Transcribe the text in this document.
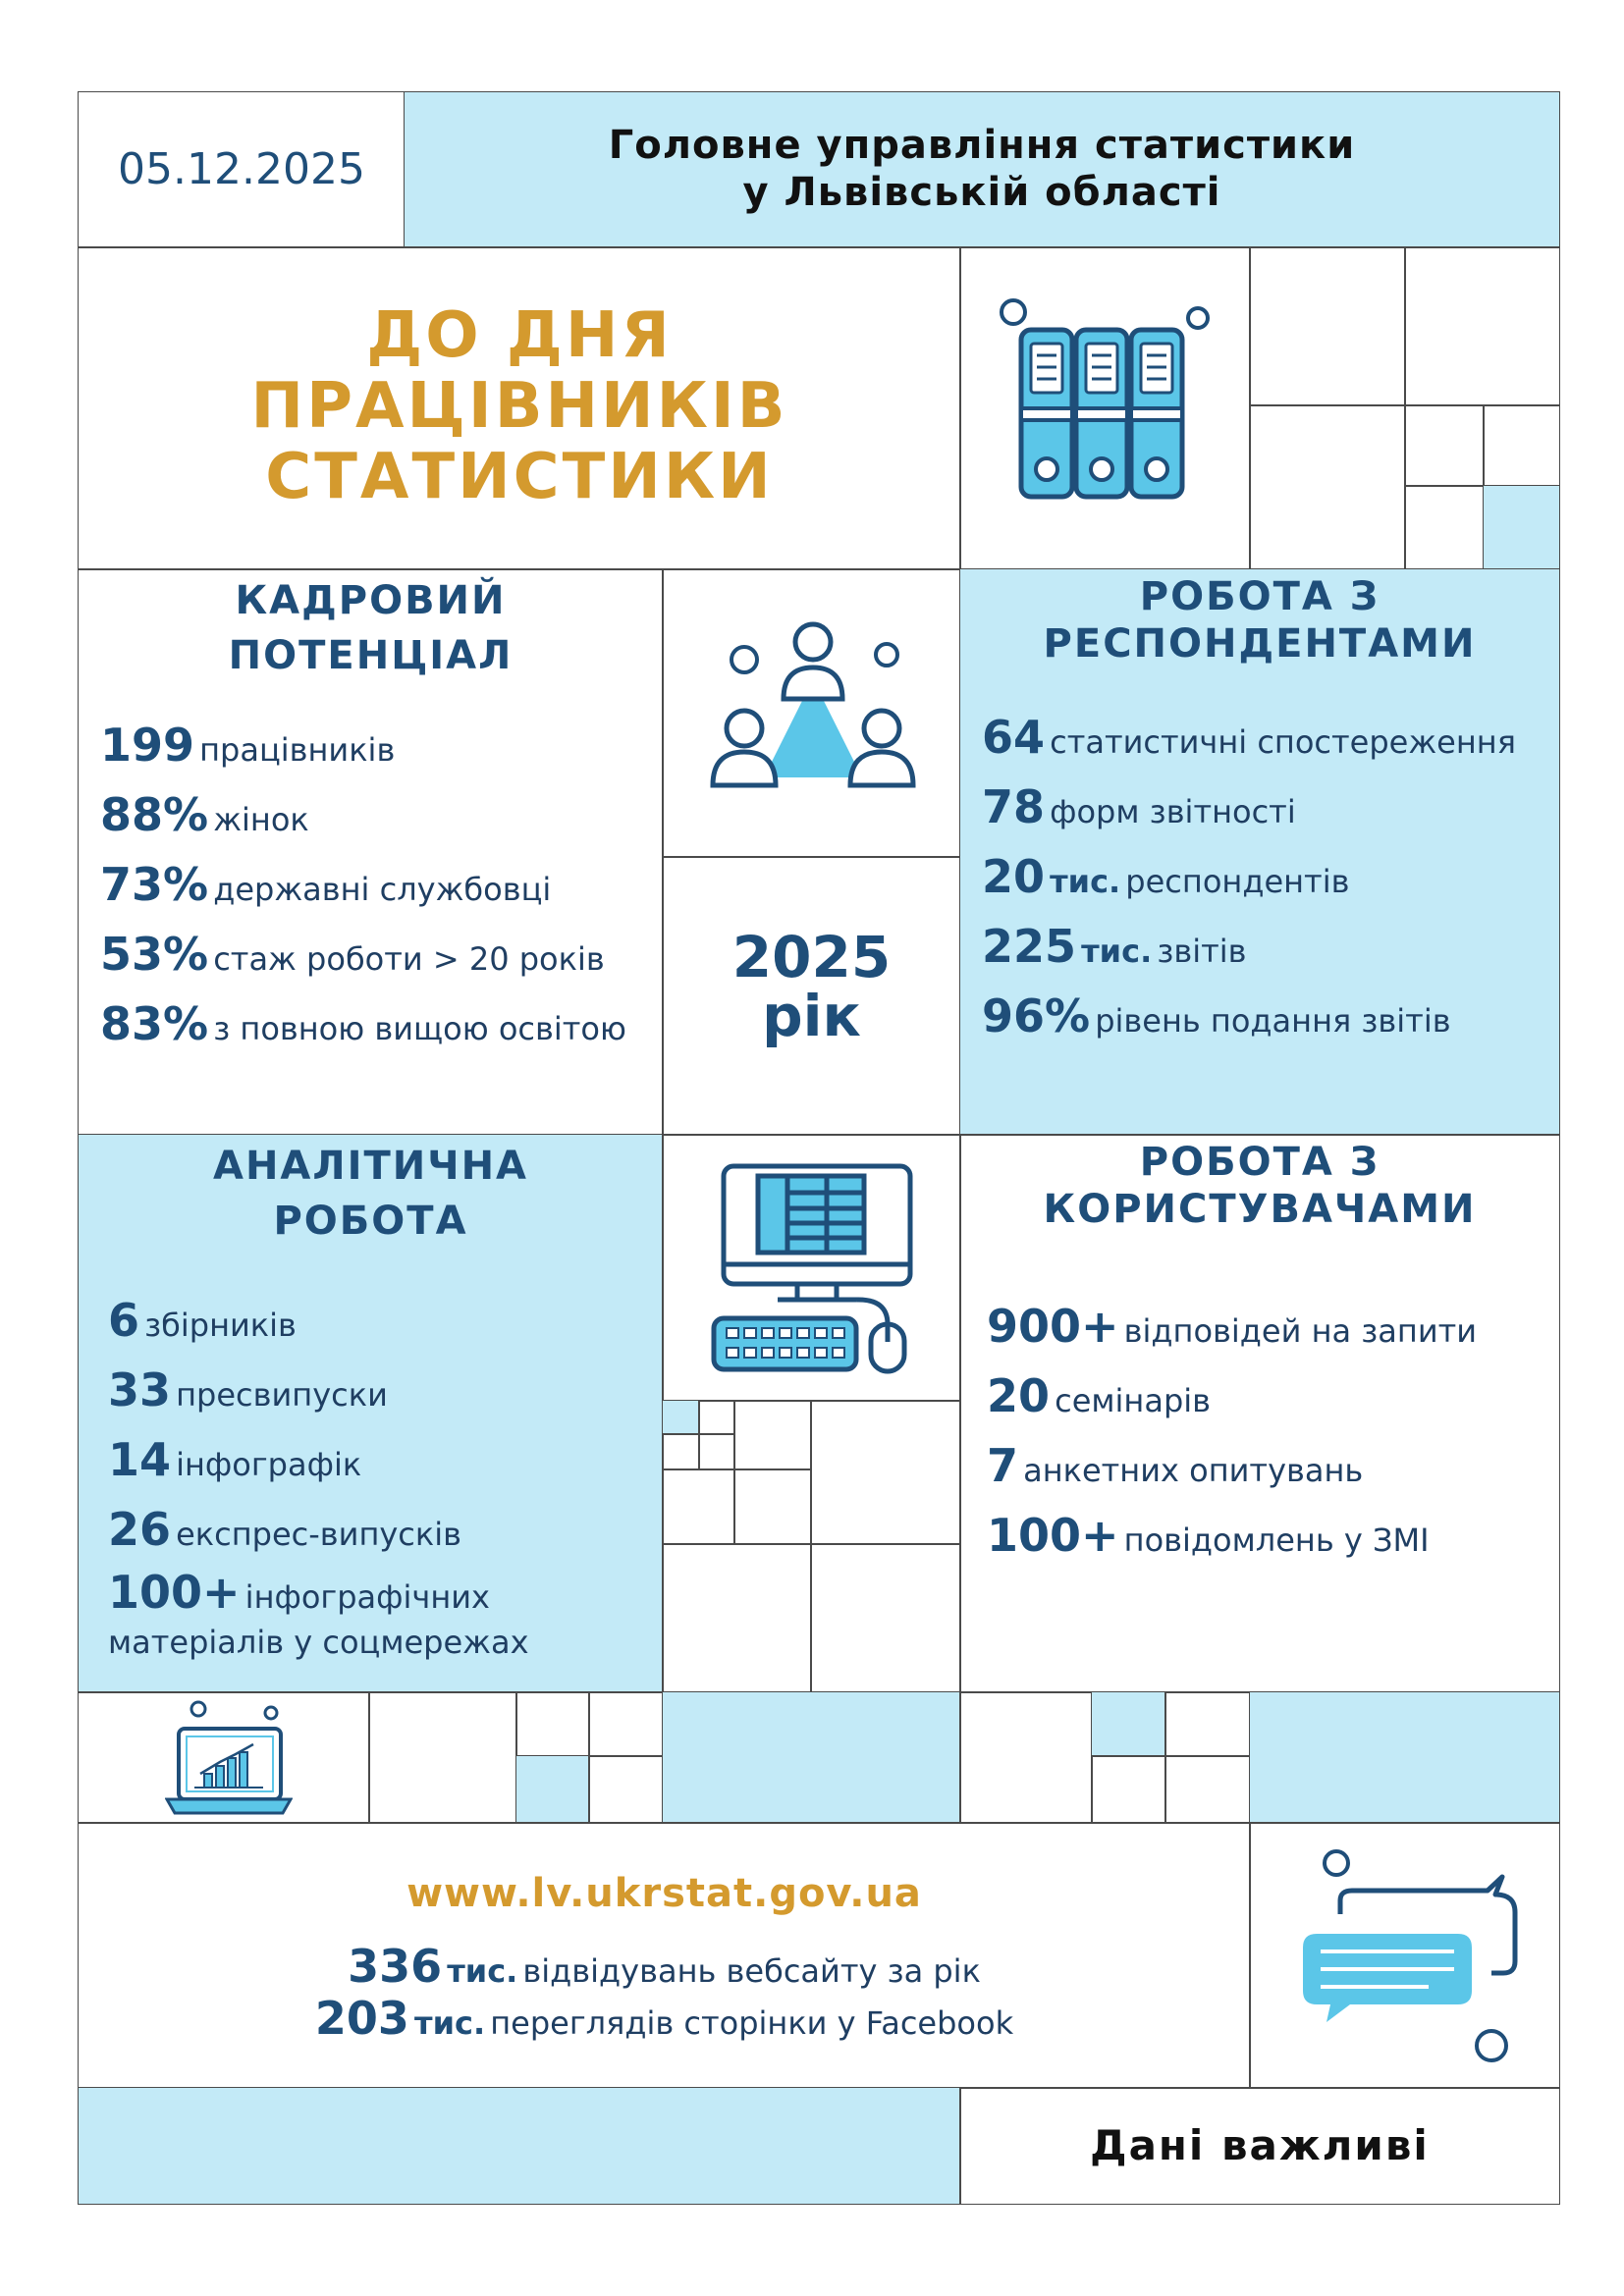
05.12.2025	Головне управління статистики
у Львівській області
ДО ДНЯ
ПРАЦІВНИКІВ
СТАТИСТИКИ
КАДРОВИЙ
ПОТЕНЦІАЛ
199 працівників
88% жінок
73% державні службовці
53% стаж роботи > 20 років
83% з повною вищою освітою
2025
рік
РОБОТА З
РЕСПОНДЕНТАМИ
64 статистичні спостереження
78 форм звітності
20 тис. респондентів
225 тис. звітів
96% рівень подання звітів
АНАЛІТИЧНА
РОБОТА
6 збірників
33 пресвипуски
14 інфографік
26 експрес-випусків
100+ інфографічних
матеріалів у соцмережах
РОБОТА З
КОРИСТУВАЧАМИ
900+ відповідей на запити
20 семінарів
7 анкетних опитувань
100+ повідомлень у ЗМІ
www.lv.ukrstat.gov.ua
336 тис. відвідувань вебсайту за рік
203 тис. переглядів сторінки у Facebook
Дані важливі
